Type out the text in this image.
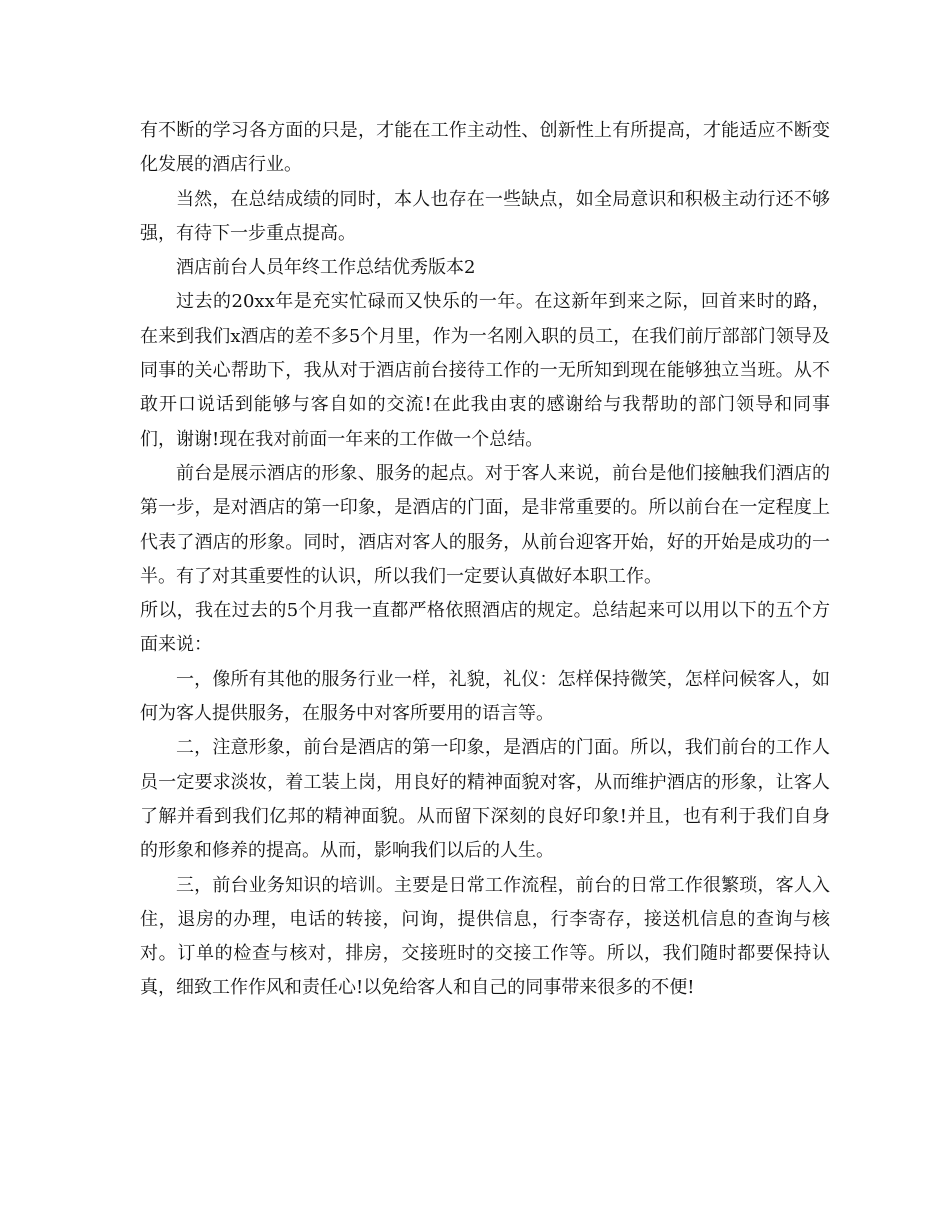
有不断的学习各方面的只是，才能在工作主动性、创新性上有所提高，才能适应不断变化发展的酒店行业。

当然，在总结成绩的同时，本人也存在一些缺点，如全局意识和积极主动行还不够强，有待下一步重点提高。

酒店前台人员年终工作总结优秀版本2

过去的20xx年是充实忙碌而又快乐的一年。在这新年到来之际，回首来时的路，在来到我们x酒店的差不多5个月里，作为一名刚入职的员工，在我们前厅部部门领导及同事的关心帮助下，我从对于酒店前台接待工作的一无所知到现在能够独立当班。从不敢开口说话到能够与客自如的交流!在此我由衷的感谢给与我帮助的部门领导和同事们，谢谢!现在我对前面一年来的工作做一个总结。

前台是展示酒店的形象、服务的起点。对于客人来说，前台是他们接触我们酒店的第一步，是对酒店的第一印象，是酒店的门面，是非常重要的。所以前台在一定程度上代表了酒店的形象。同时，酒店对客人的服务，从前台迎客开始，好的开始是成功的一半。有了对其重要性的认识，所以我们一定要认真做好本职工作。

所以，我在过去的5个月我一直都严格依照酒店的规定。总结起来可以用以下的五个方面来说：

一，像所有其他的服务行业一样，礼貌，礼仪：怎样保持微笑，怎样问候客人，如何为客人提供服务，在服务中对客所要用的语言等。

二，注意形象，前台是酒店的第一印象，是酒店的门面。所以，我们前台的工作人员一定要求淡妆，着工装上岗，用良好的精神面貌对客，从而维护酒店的形象，让客人了解并看到我们亿邦的精神面貌。从而留下深刻的良好印象!并且，也有利于我们自身的形象和修养的提高。从而，影响我们以后的人生。

三，前台业务知识的培训。主要是日常工作流程，前台的日常工作很繁琐，客人入住，退房的办理，电话的转接，问询，提供信息，行李寄存，接送机信息的查询与核对。订单的检查与核对，排房，交接班时的交接工作等。所以，我们随时都要保持认真，细致工作作风和责任心!以免给客人和自己的同事带来很多的不便!
